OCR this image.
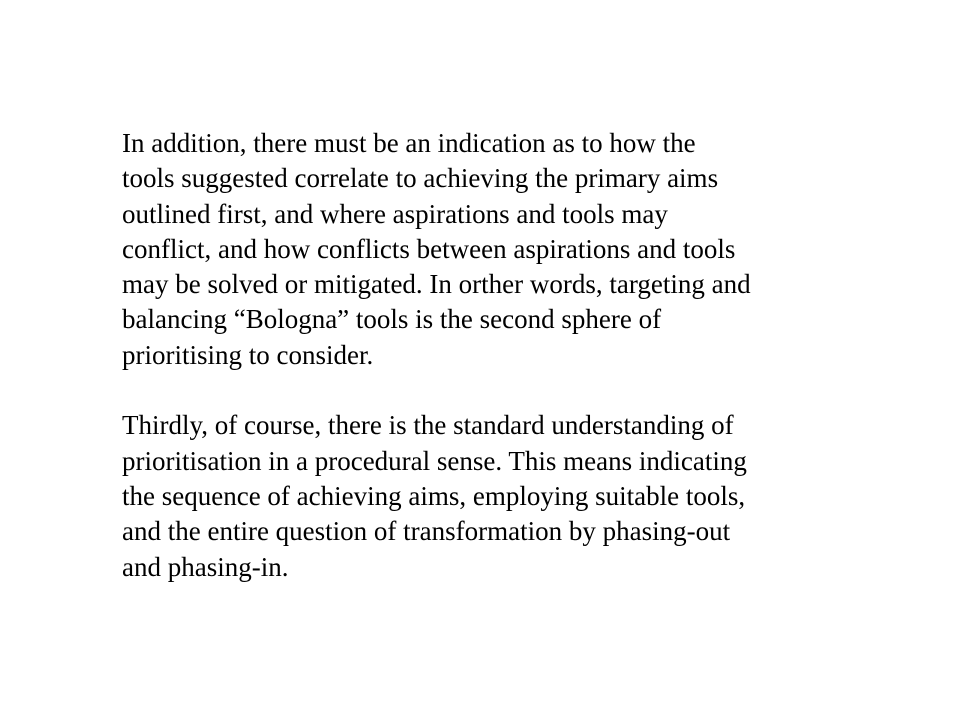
In addition, there must be an indication as to how the
tools suggested correlate to achieving the primary aims
outlined first, and where aspirations and tools may
conflict, and how conflicts between aspirations and tools
may be solved or mitigated. In orther words, targeting and
balancing “Bologna” tools is the second sphere of
prioritising to consider.
Thirdly, of course, there is the standard understanding of
prioritisation in a procedural sense. This means indicating
the sequence of achieving aims, employing suitable tools,
and the entire question of transformation by phasing-out
and phasing-in.
